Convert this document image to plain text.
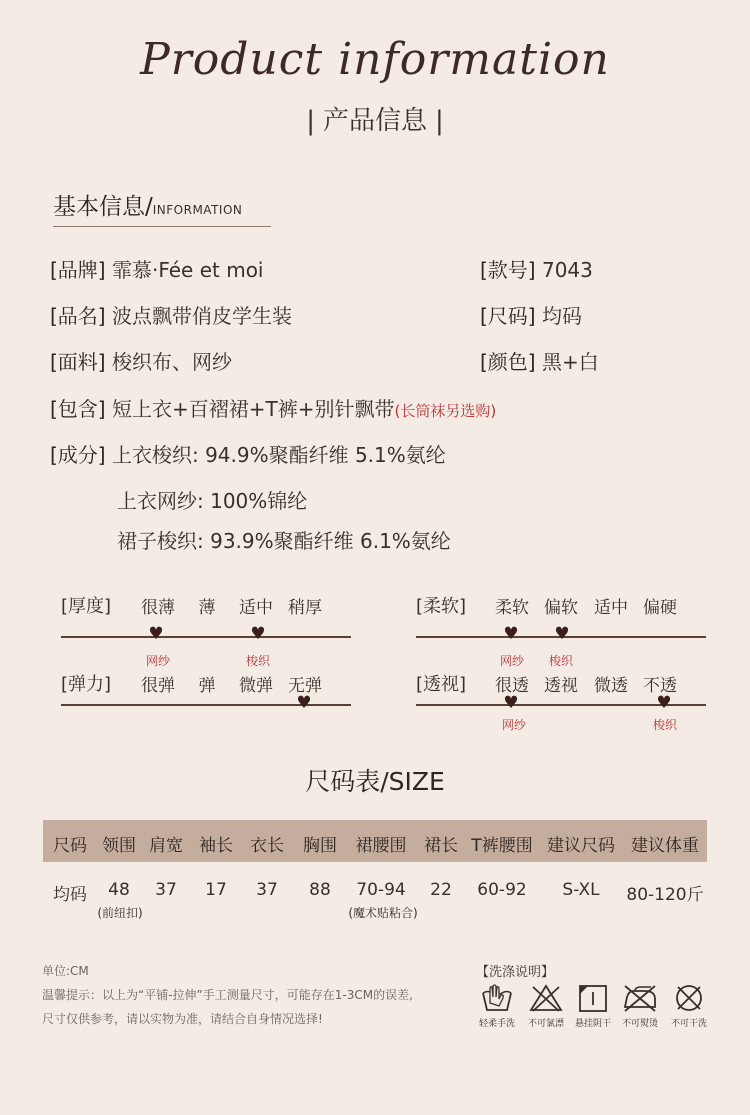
Product information
| 产品信息 |
基本信息/INFORMATION
[品牌] 霏慕·Fée et moi	[款号] 7043
[品名] 波点飘带俏皮学生装	[尺码] 均码
[面料] 梭织布、网纱	[颜色] 黑+白
[包含] 短上衣+百褶裙+T裤+别针飘带(长筒袜另选购)
[成分] 上衣梭织: 94.9%聚酯纤维 5.1%氨纶
上衣网纱: 100%锦纶
裙子梭织: 93.9%聚酯纤维 6.1%氨纶
[厚度] 很薄 薄 适中 稍厚
♥	♥
网纱	梭织
[柔软] 柔软 偏软 适中 偏硬
♥ ♥
网纱 梭织
[弹力] 很弹 弹 微弹 无弹
♥
[透视] 很透 透视 微透 不透
♥	♥
网纱	梭织
尺码表/SIZE
尺码 领围 肩宽 袖长 衣长 胸围 裙腰围 裙长 T裤腰围 建议尺码 建议体重
均码 48 37 17 37 88 70-94 22 60-92 S-XL 80-120斤
(前纽扣)	(魔术贴粘合)
单位:CM
温馨提示：以上为“平铺-拉伸”手工测量尺寸，可能存在1-3CM的误差,
尺寸仅供参考，请以实物为准，请结合自身情况选择!
【洗涤说明】
轻柔手洗	不可氯漂	悬挂阴干	不可熨烫	不可干洗
